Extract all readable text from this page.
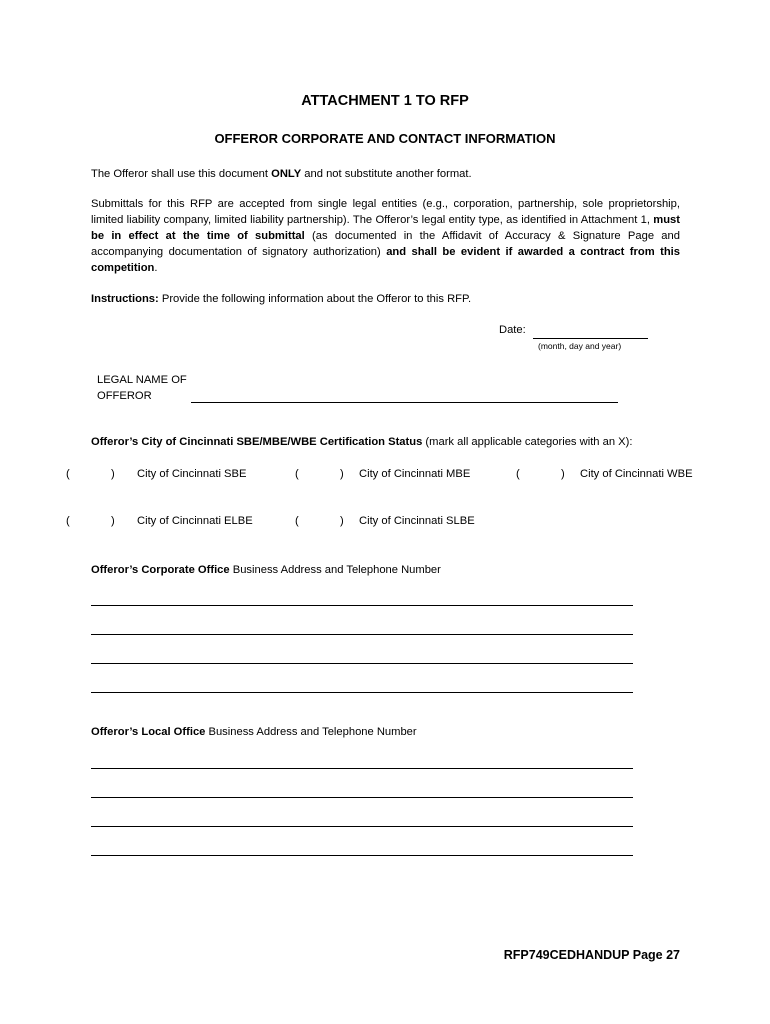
ATTACHMENT 1 TO RFP
OFFEROR CORPORATE AND CONTACT INFORMATION
The Offeror shall use this document ONLY and not substitute another format.
Submittals for this RFP are accepted from single legal entities (e.g., corporation, partnership, sole proprietorship, limited liability company, limited liability partnership). The Offeror’s legal entity type, as identified in Attachment 1, must be in effect at the time of submittal (as documented in the Affidavit of Accuracy & Signature Page and accompanying documentation of signatory authorization) and shall be evident if awarded a contract from this competition.
Instructions: Provide the following information about the Offeror to this RFP.
Date:
(month, day and year)
LEGAL NAME OF
OFFEROR
Offeror’s City of Cincinnati SBE/MBE/WBE Certification Status (mark all applicable categories with an X):
(	) City of Cincinnati SBE	(	) City of Cincinnati MBE	(	) City of Cincinnati WBE
(	) City of Cincinnati ELBE	(	) City of Cincinnati SLBE
Offeror’s Corporate Office Business Address and Telephone Number
Offeror’s Local Office Business Address and Telephone Number
RFP749CEDHANDUP Page 27
